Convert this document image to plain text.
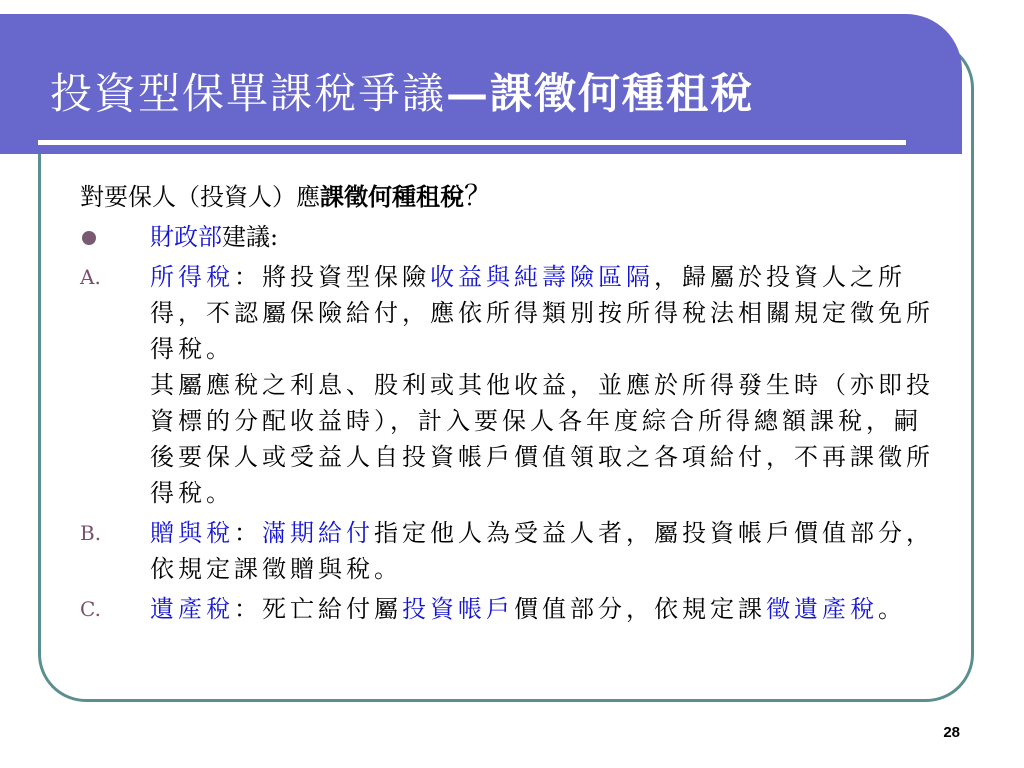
投資型保單課稅爭議—課徵何種租稅

對要保人（投資人）應課徵何種租稅？

財政部建議:
A. 所得稅：將投資型保險收益與純壽險區隔，歸屬於投資人之所得，不認屬保險給付，應依所得類別按所得稅法相關規定徵免所得稅。

其屬應稅之利息、股利或其他收益，並應於所得發生時（亦即投資標的分配收益時），計入要保人各年度綜合所得總額課稅，嗣後要保人或受益人自投資帳戶價值領取之各項給付，不再課徵所得稅。

B. 贈與稅：滿期給付指定他人為受益人者，屬投資帳戶價值部分，依規定課徵贈與稅。

C. 遺產稅：死亡給付屬投資帳戶價值部分，依規定課徵遺產稅。

28
